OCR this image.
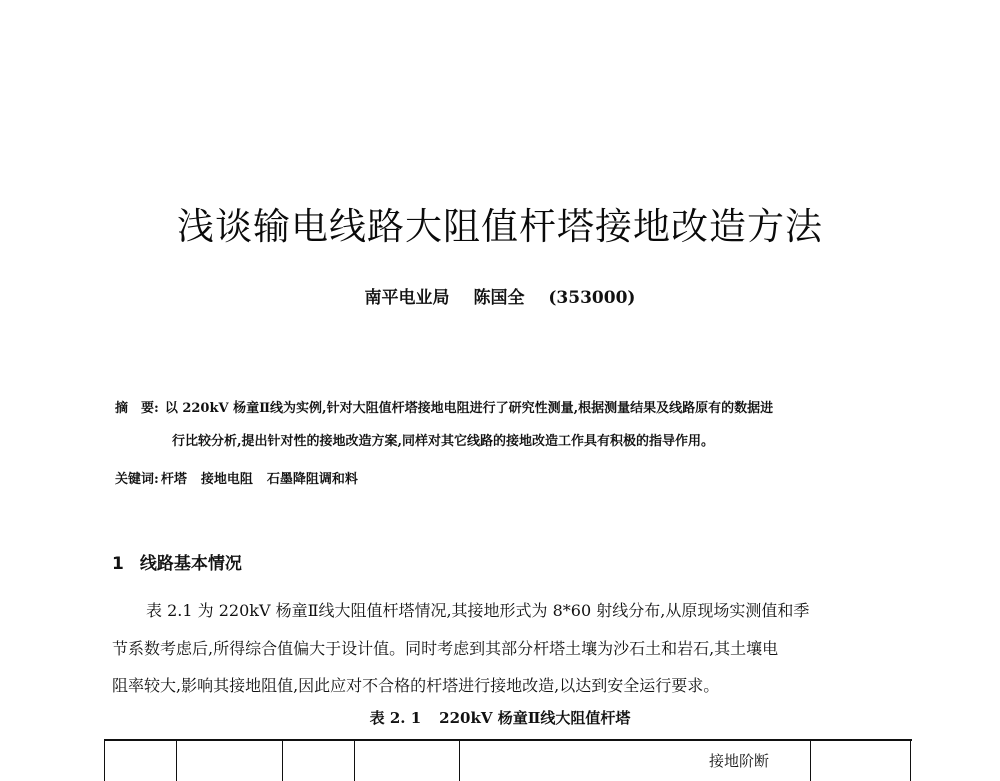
浅谈输电线路大阻值杆塔接地改造方法
南平电业局 陈国全 (353000)
摘　要: 以 220kV 杨童Ⅱ线为实例,针对大阻值杆塔接地电阻进行了研究性测量,根据测量结果及线路原有的数据进
行比较分析,提出针对性的接地改造方案,同样对其它线路的接地改造工作具有积极的指导作用。
关键词: 杆塔 接地电阻 石墨降阻调和料
1 线路基本情况
表 2.1 为 220kV 杨童Ⅱ线大阻值杆塔情况,其接地形式为 8*60 射线分布,从原现场实测值和季
节系数考虑后,所得综合值偏大于设计值。同时考虑到其部分杆塔土壤为沙石土和岩石,其土壤电
阻率较大,影响其接地阻值,因此应对不合格的杆塔进行接地改造,以达到安全运行要求。
表 2. 1 220kV 杨童Ⅱ线大阻值杆塔
接地阶断
